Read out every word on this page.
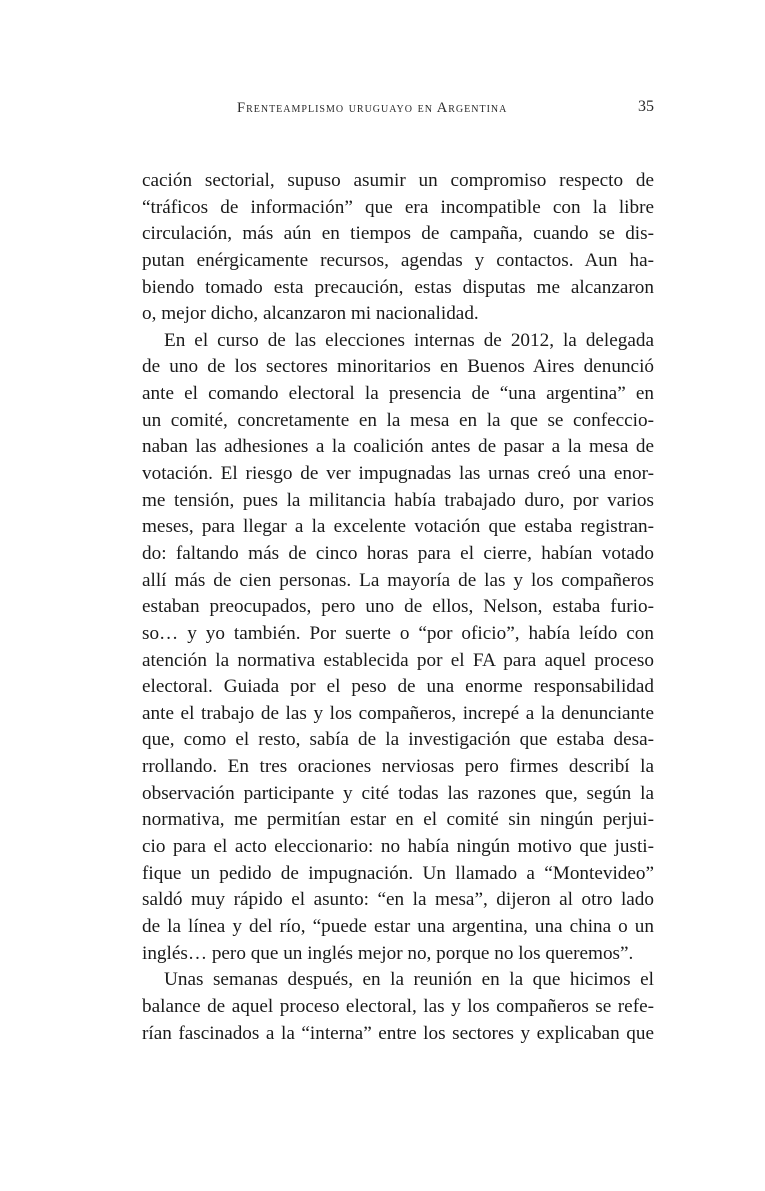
Frenteamplismo uruguayo en Argentina	35
cación sectorial, supuso asumir un compromiso respecto de
“tráficos de información” que era incompatible con la libre
circulación, más aún en tiempos de campaña, cuando se dis-
putan enérgicamente recursos, agendas y contactos. Aun ha-
biendo tomado esta precaución, estas disputas me alcanzaron
o, mejor dicho, alcanzaron mi nacionalidad.
En el curso de las elecciones internas de 2012, la delegada
de uno de los sectores minoritarios en Buenos Aires denunció
ante el comando electoral la presencia de “una argentina” en
un comité, concretamente en la mesa en la que se confeccio-
naban las adhesiones a la coalición antes de pasar a la mesa de
votación. El riesgo de ver impugnadas las urnas creó una enor-
me tensión, pues la militancia había trabajado duro, por varios
meses, para llegar a la excelente votación que estaba registran-
do: faltando más de cinco horas para el cierre, habían votado
allí más de cien personas. La mayoría de las y los compañeros
estaban preocupados, pero uno de ellos, Nelson, estaba furio-
so… y yo también. Por suerte o “por oficio”, había leído con
atención la normativa establecida por el FA para aquel proceso
electoral. Guiada por el peso de una enorme responsabilidad
ante el trabajo de las y los compañeros, increpé a la denunciante
que, como el resto, sabía de la investigación que estaba desa-
rrollando. En tres oraciones nerviosas pero firmes describí la
observación participante y cité todas las razones que, según la
normativa, me permitían estar en el comité sin ningún perjui-
cio para el acto eleccionario: no había ningún motivo que justi-
fique un pedido de impugnación. Un llamado a “Montevideo”
saldó muy rápido el asunto: “en la mesa”, dijeron al otro lado
de la línea y del río, “puede estar una argentina, una china o un
inglés… pero que un inglés mejor no, porque no los queremos”.
Unas semanas después, en la reunión en la que hicimos el
balance de aquel proceso electoral, las y los compañeros se refe-
rían fascinados a la “interna” entre los sectores y explicaban que
